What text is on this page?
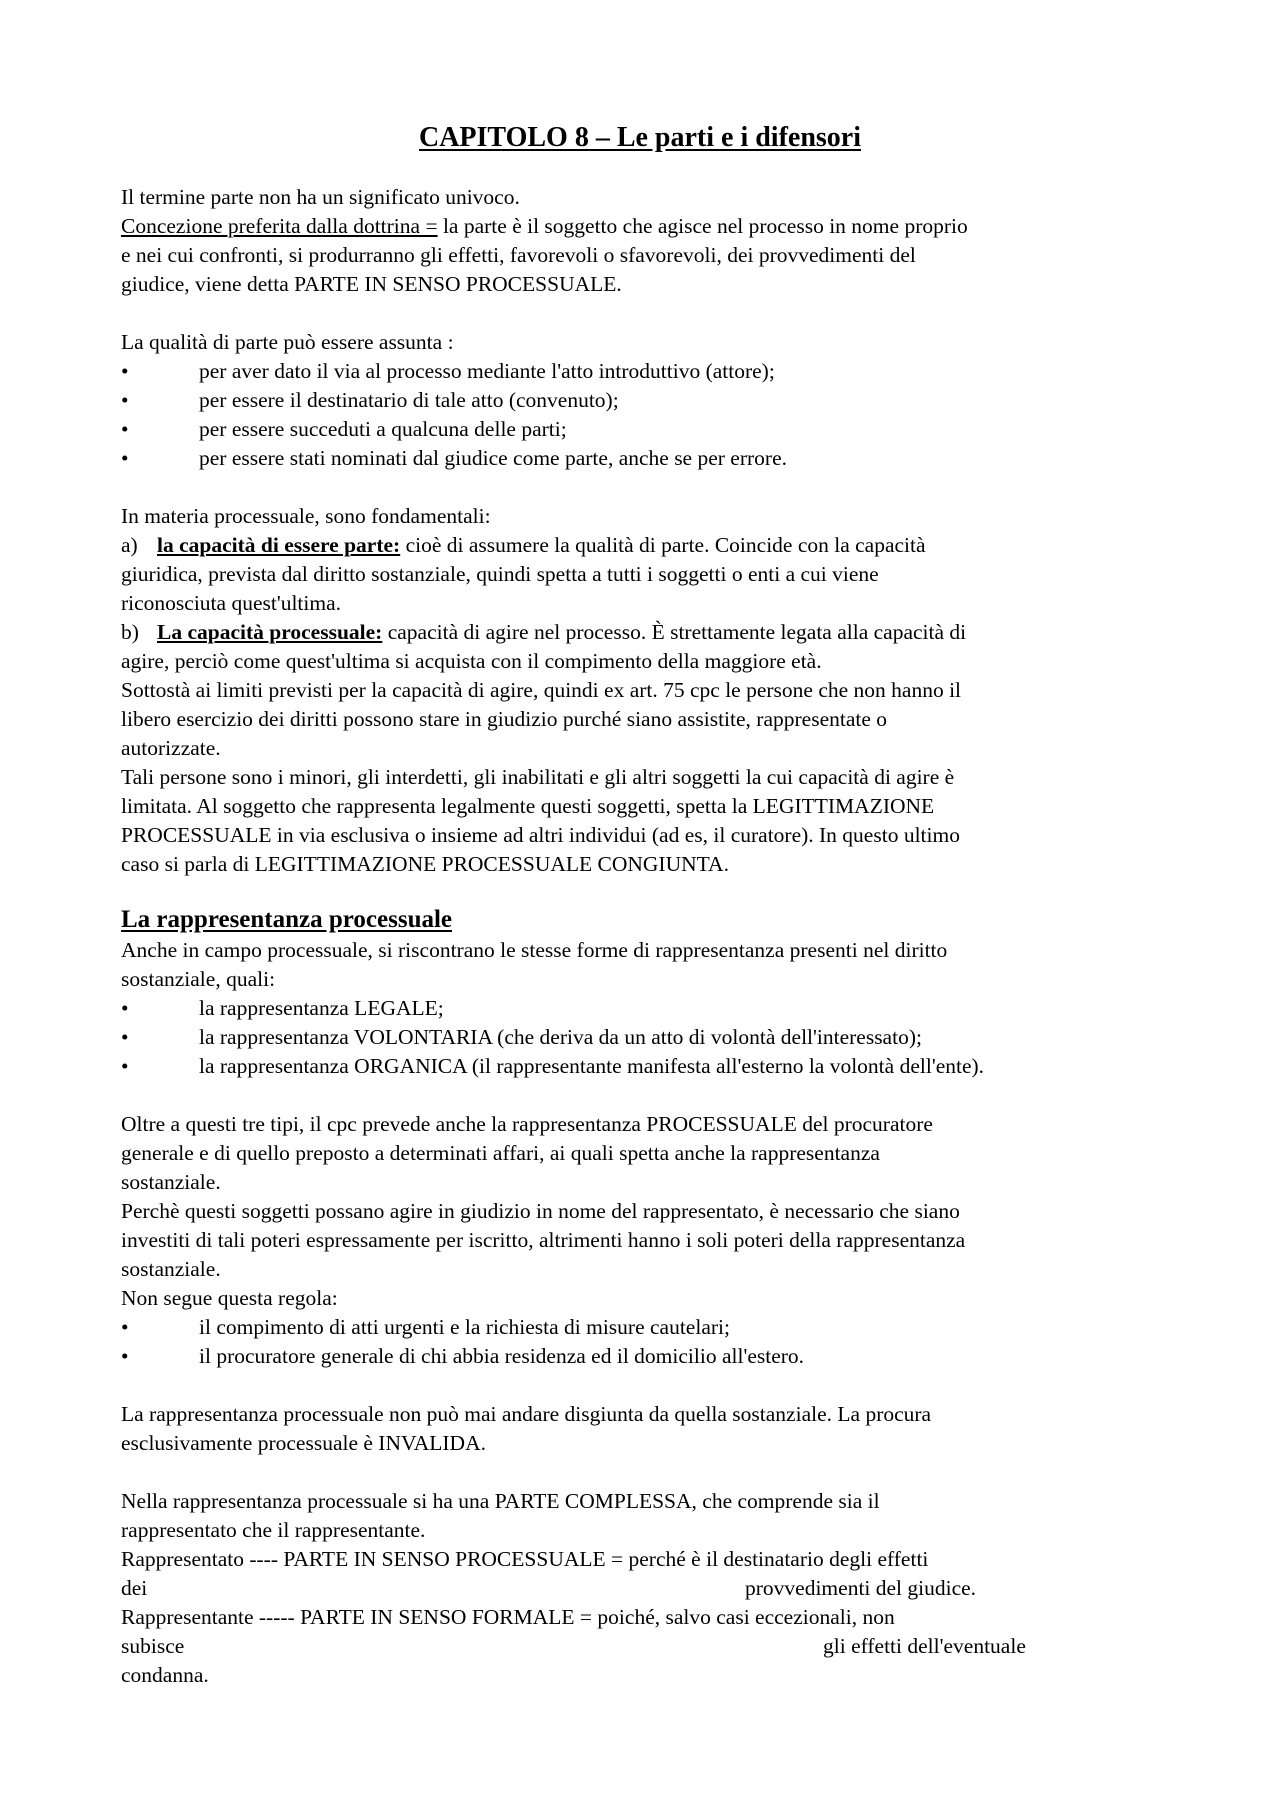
CAPITOLO 8 – Le parti e i difensori
Il termine parte non ha un significato univoco.
Concezione preferita dalla dottrina = la parte è il soggetto che agisce nel processo in nome proprio
e nei cui confronti, si produrranno gli effetti, favorevoli o sfavorevoli, dei provvedimenti del
giudice, viene detta PARTE IN SENSO PROCESSUALE.
La qualità di parte può essere assunta :
•	per aver dato il via al processo mediante l'atto introduttivo (attore);
•	per essere il destinatario di tale atto (convenuto);
•	per essere succeduti a qualcuna delle parti;
•	per essere stati nominati dal giudice come parte, anche se per errore.
In materia processuale, sono fondamentali:
a) la capacità di essere parte: cioè di assumere la qualità di parte. Coincide con la capacità
giuridica, prevista dal diritto sostanziale, quindi spetta a tutti i soggetti o enti a cui viene
riconosciuta quest'ultima.
b) La capacità processuale: capacità di agire nel processo. È strettamente legata alla capacità di
agire, perciò come quest'ultima si acquista con il compimento della maggiore età.
Sottostà ai limiti previsti per la capacità di agire, quindi ex art. 75 cpc le persone che non hanno il
libero esercizio dei diritti possono stare in giudizio purché siano assistite, rappresentate o
autorizzate.
Tali persone sono i minori, gli interdetti, gli inabilitati e gli altri soggetti la cui capacità di agire è
limitata. Al soggetto che rappresenta legalmente questi soggetti, spetta la LEGITTIMAZIONE
PROCESSUALE in via esclusiva o insieme ad altri individui (ad es, il curatore). In questo ultimo
caso si parla di LEGITTIMAZIONE PROCESSUALE CONGIUNTA.
La rappresentanza processuale
Anche in campo processuale, si riscontrano le stesse forme di rappresentanza presenti nel diritto
sostanziale, quali:
•	la rappresentanza LEGALE;
•	la rappresentanza VOLONTARIA (che deriva da un atto di volontà dell'interessato);
•	la rappresentanza ORGANICA (il rappresentante manifesta all'esterno la volontà dell'ente).
Oltre a questi tre tipi, il cpc prevede anche la rappresentanza PROCESSUALE del procuratore
generale e di quello preposto a determinati affari, ai quali spetta anche la rappresentanza
sostanziale.
Perchè questi soggetti possano agire in giudizio in nome del rappresentato, è necessario che siano
investiti di tali poteri espressamente per iscritto, altrimenti hanno i soli poteri della rappresentanza
sostanziale.
Non segue questa regola:
•	il compimento di atti urgenti e la richiesta di misure cautelari;
•	il procuratore generale di chi abbia residenza ed il domicilio all'estero.
La rappresentanza processuale non può mai andare disgiunta da quella sostanziale. La procura
esclusivamente processuale è INVALIDA.
Nella rappresentanza processuale si ha una PARTE COMPLESSA, che comprende sia il
rappresentato che il rappresentante.
Rappresentato ---- PARTE IN SENSO PROCESSUALE = perché è il destinatario degli effetti
dei	provvedimenti del giudice.
Rappresentante ----- PARTE IN SENSO FORMALE = poiché, salvo casi eccezionali, non
subisce	gli effetti dell'eventuale
condanna.
